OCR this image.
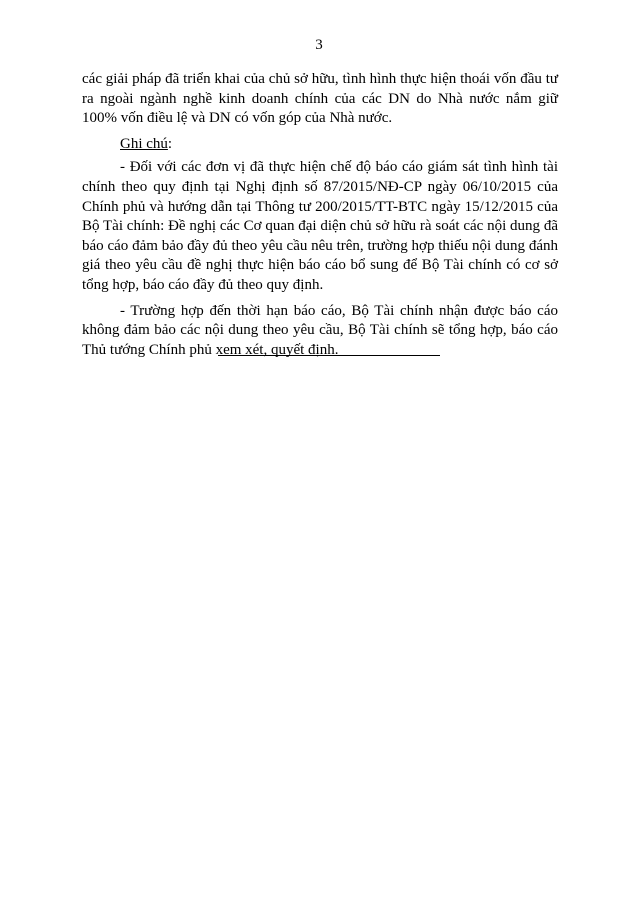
3

các giải pháp đã triển khai của chủ sở hữu, tình hình thực hiện thoái vốn đầu tư ra ngoài ngành nghề kinh doanh chính của các DN do Nhà nước nắm giữ 100% vốn điều lệ và DN có vốn góp của Nhà nước.

Ghi chú:

- Đối với các đơn vị đã thực hiện chế độ báo cáo giám sát tình hình tài chính theo quy định tại Nghị định số 87/2015/NĐ-CP ngày 06/10/2015 của Chính phủ và hướng dẫn tại Thông tư 200/2015/TT-BTC ngày 15/12/2015 của Bộ Tài chính: Đề nghị các Cơ quan đại diện chủ sở hữu rà soát các nội dung đã báo cáo đảm bảo đầy đủ theo yêu cầu nêu trên, trường hợp thiếu nội dung đánh giá theo yêu cầu đề nghị thực hiện báo cáo bổ sung để Bộ Tài chính có cơ sở tổng hợp, báo cáo đầy đủ theo quy định.

- Trường hợp đến thời hạn báo cáo, Bộ Tài chính nhận được báo cáo không đảm bảo các nội dung theo yêu cầu, Bộ Tài chính sẽ tổng hợp, báo cáo Thủ tướng Chính phủ xem xét, quyết định.
